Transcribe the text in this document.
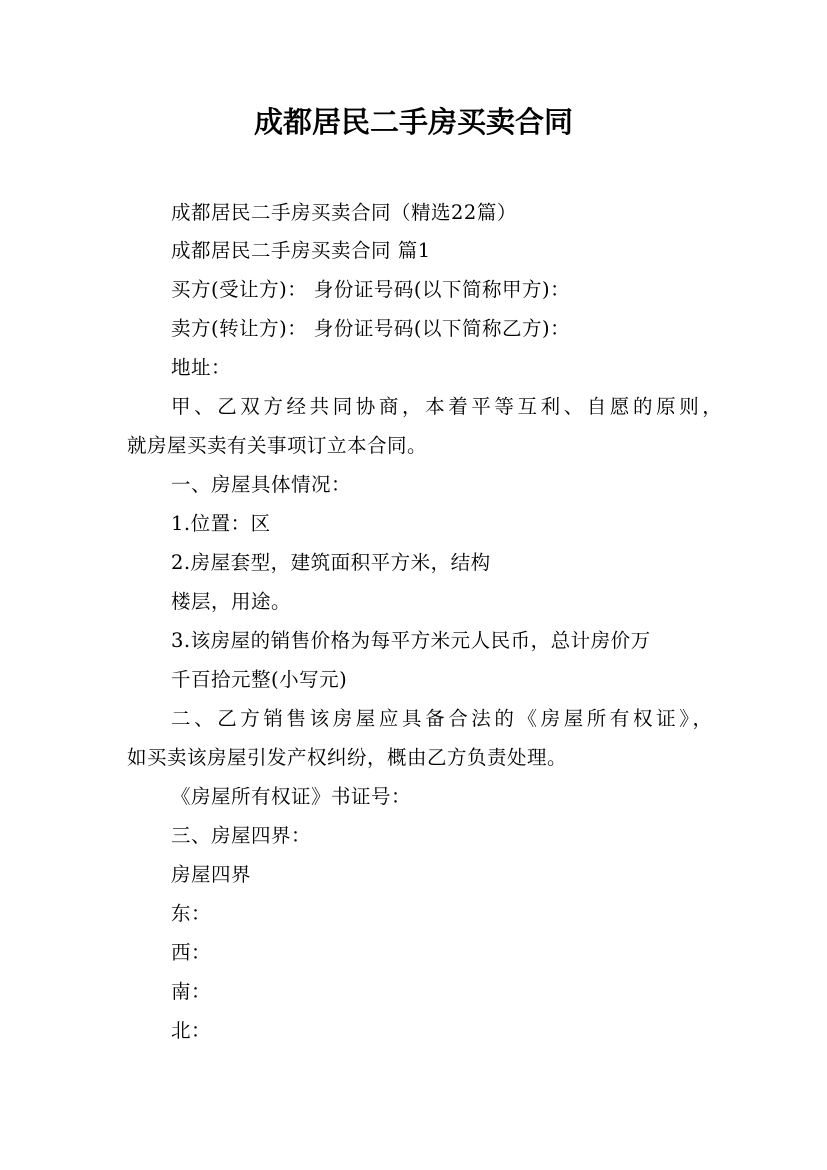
成都居民二手房买卖合同
成都居民二手房买卖合同（精选22篇）
成都居民二手房买卖合同 篇1
买方(受让方)： 身份证号码(以下简称甲方)：
卖方(转让方)： 身份证号码(以下简称乙方)：
地址：
甲、乙双方经共同协商，本着平等互利、自愿的原则，
就房屋买卖有关事项订立本合同。
一、房屋具体情况：
1.位置：区
2.房屋套型，建筑面积平方米，结构
楼层，用途。
3.该房屋的销售价格为每平方米元人民币，总计房价万
千百拾元整(小写元)
二、乙方销售该房屋应具备合法的《房屋所有权证》，
如买卖该房屋引发产权纠纷，概由乙方负责处理。
《房屋所有权证》书证号：
三、房屋四界：
房屋四界
东：
西：
南：
北：
